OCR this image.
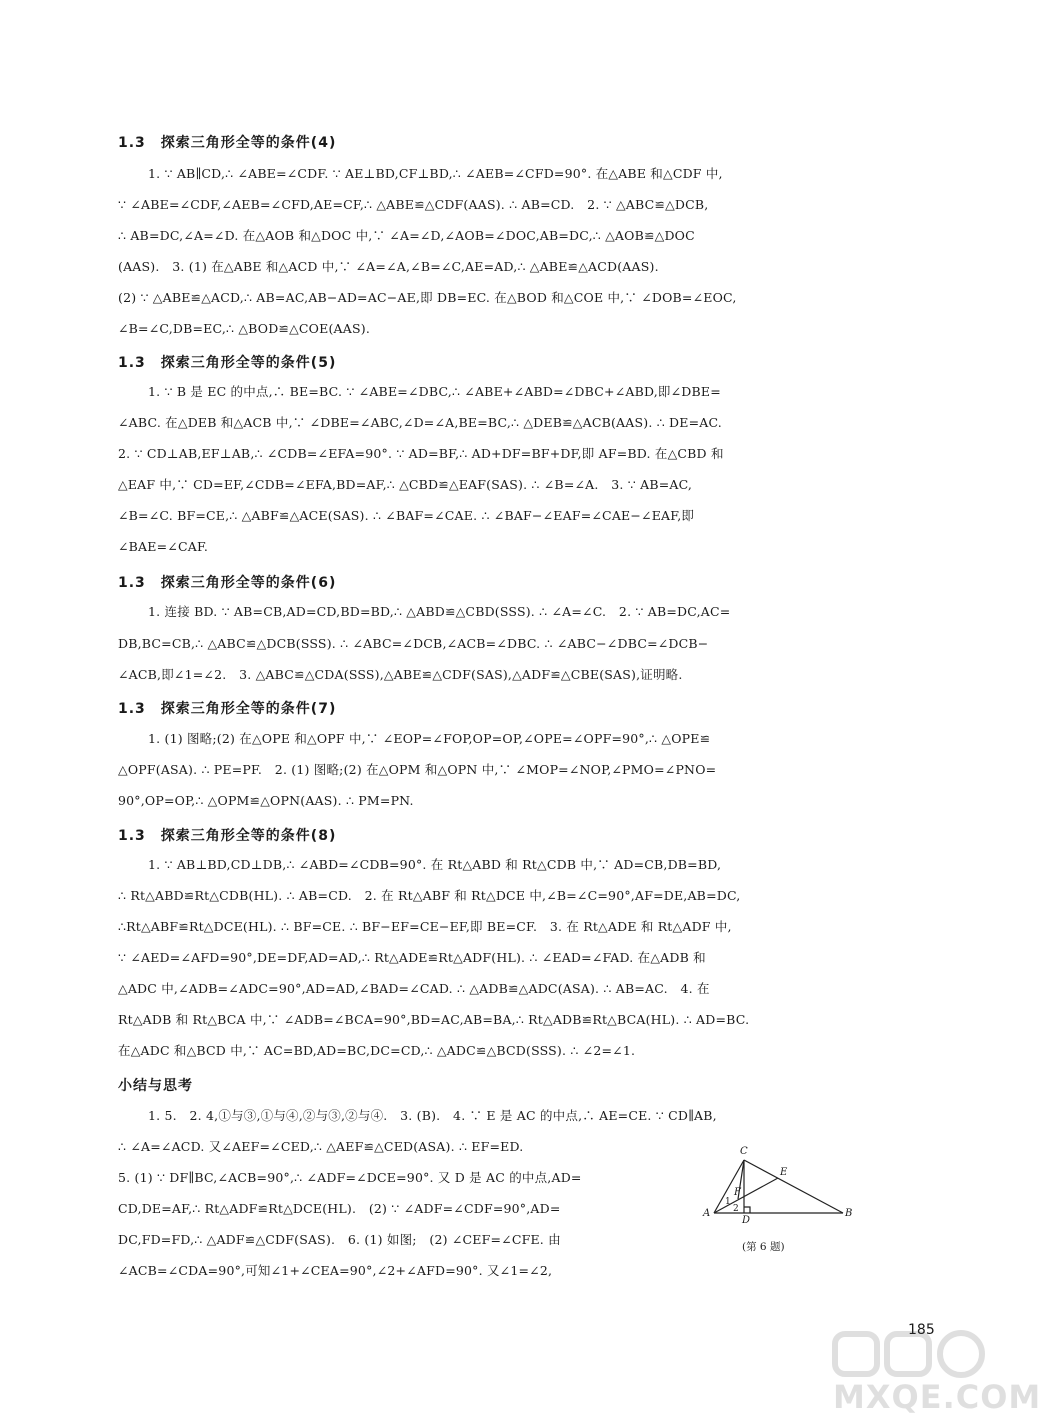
1.3　探索三角形全等的条件(4)
1. ∵ AB∥CD,∴ ∠ABE=∠CDF. ∵ AE⊥BD,CF⊥BD,∴ ∠AEB=∠CFD=90°. 在△ABE 和△CDF 中,
∵ ∠ABE=∠CDF,∠AEB=∠CFD,AE=CF,∴ △ABE≌△CDF(AAS). ∴ AB=CD.　2. ∵ △ABC≌△DCB,
∴ AB=DC,∠A=∠D. 在△AOB 和△DOC 中,∵ ∠A=∠D,∠AOB=∠DOC,AB=DC,∴ △AOB≌△DOC
(AAS).　3. (1) 在△ABE 和△ACD 中,∵ ∠A=∠A,∠B=∠C,AE=AD,∴ △ABE≌△ACD(AAS).
(2) ∵ △ABE≌△ACD,∴ AB=AC,AB−AD=AC−AE,即 DB=EC. 在△BOD 和△COE 中,∵ ∠DOB=∠EOC,
∠B=∠C,DB=EC,∴ △BOD≌△COE(AAS).
1.3　探索三角形全等的条件(5)
1. ∵ B 是 EC 的中点,∴ BE=BC. ∵ ∠ABE=∠DBC,∴ ∠ABE+∠ABD=∠DBC+∠ABD,即∠DBE=
∠ABC. 在△DEB 和△ACB 中,∵ ∠DBE=∠ABC,∠D=∠A,BE=BC,∴ △DEB≌△ACB(AAS). ∴ DE=AC.
2. ∵ CD⊥AB,EF⊥AB,∴ ∠CDB=∠EFA=90°. ∵ AD=BF,∴ AD+DF=BF+DF,即 AF=BD. 在△CBD 和
△EAF 中,∵ CD=EF,∠CDB=∠EFA,BD=AF,∴ △CBD≌△EAF(SAS). ∴ ∠B=∠A.　3. ∵ AB=AC,
∠B=∠C. BF=CE,∴ △ABF≌△ACE(SAS). ∴ ∠BAF=∠CAE. ∴ ∠BAF−∠EAF=∠CAE−∠EAF,即
∠BAE=∠CAF.
1.3　探索三角形全等的条件(6)
1. 连接 BD. ∵ AB=CB,AD=CD,BD=BD,∴ △ABD≌△CBD(SSS). ∴ ∠A=∠C.　2. ∵ AB=DC,AC=
DB,BC=CB,∴ △ABC≌△DCB(SSS). ∴ ∠ABC=∠DCB,∠ACB=∠DBC. ∴ ∠ABC−∠DBC=∠DCB−
∠ACB,即∠1=∠2.　3. △ABC≌△CDA(SSS),△ABE≌△CDF(SAS),△ADF≌△CBE(SAS),证明略.
1.3　探索三角形全等的条件(7)
1. (1) 图略;(2) 在△OPE 和△OPF 中,∵ ∠EOP=∠FOP,OP=OP,∠OPE=∠OPF=90°,∴ △OPE≌
△OPF(ASA). ∴ PE=PF.　2. (1) 图略;(2) 在△OPM 和△OPN 中,∵ ∠MOP=∠NOP,∠PMO=∠PNO=
90°,OP=OP,∴ △OPM≌△OPN(AAS). ∴ PM=PN.
1.3　探索三角形全等的条件(8)
1. ∵ AB⊥BD,CD⊥DB,∴ ∠ABD=∠CDB=90°. 在 Rt△ABD 和 Rt△CDB 中,∵ AD=CB,DB=BD,
∴ Rt△ABD≌Rt△CDB(HL). ∴ AB=CD.　2. 在 Rt△ABF 和 Rt△DCE 中,∠B=∠C=90°,AF=DE,AB=DC,
∴Rt△ABF≌Rt△DCE(HL). ∴ BF=CE. ∴ BF−EF=CE−EF,即 BE=CF.　3. 在 Rt△ADE 和 Rt△ADF 中,
∵ ∠AED=∠AFD=90°,DE=DF,AD=AD,∴ Rt△ADE≌Rt△ADF(HL). ∴ ∠EAD=∠FAD. 在△ADB 和
△ADC 中,∠ADB=∠ADC=90°,AD=AD,∠BAD=∠CAD. ∴ △ADB≌△ADC(ASA). ∴ AB=AC.　4. 在
Rt△ADB 和 Rt△BCA 中,∵ ∠ADB=∠BCA=90°,BD=AC,AB=BA,∴ Rt△ADB≌Rt△BCA(HL). ∴ AD=BC.
在△ADC 和△BCD 中,∵ AC=BD,AD=BC,DC=CD,∴ △ADC≌△BCD(SSS). ∴ ∠2=∠1.
小结与思考
1. 5.　2. 4,①与③,①与④,②与③,②与④.　3. (B).　4. ∵ E 是 AC 的中点,∴ AE=CE. ∵ CD∥AB,
∴ ∠A=∠ACD. 又∠AEF=∠CED,∴ △AEF≌△CED(ASA). ∴ EF=ED.
5. (1) ∵ DF∥BC,∠ACB=90°,∴ ∠ADF=∠DCE=90°. 又 D 是 AC 的中点,AD=
CD,DE=AF,∴ Rt△ADF≌Rt△DCE(HL).　(2) ∵ ∠ADF=∠CDF=90°,AD=
DC,FD=FD,∴ △ADF≌△CDF(SAS).　6. (1) 如图;　(2) ∠CEF=∠CFE. 由
∠ACB=∠CDA=90°,可知∠1+∠CEA=90°,∠2+∠AFD=90°. 又∠1=∠2,
C
E
F
1
2
A
D
B
(第 6 题)
185
MXQE.COM
